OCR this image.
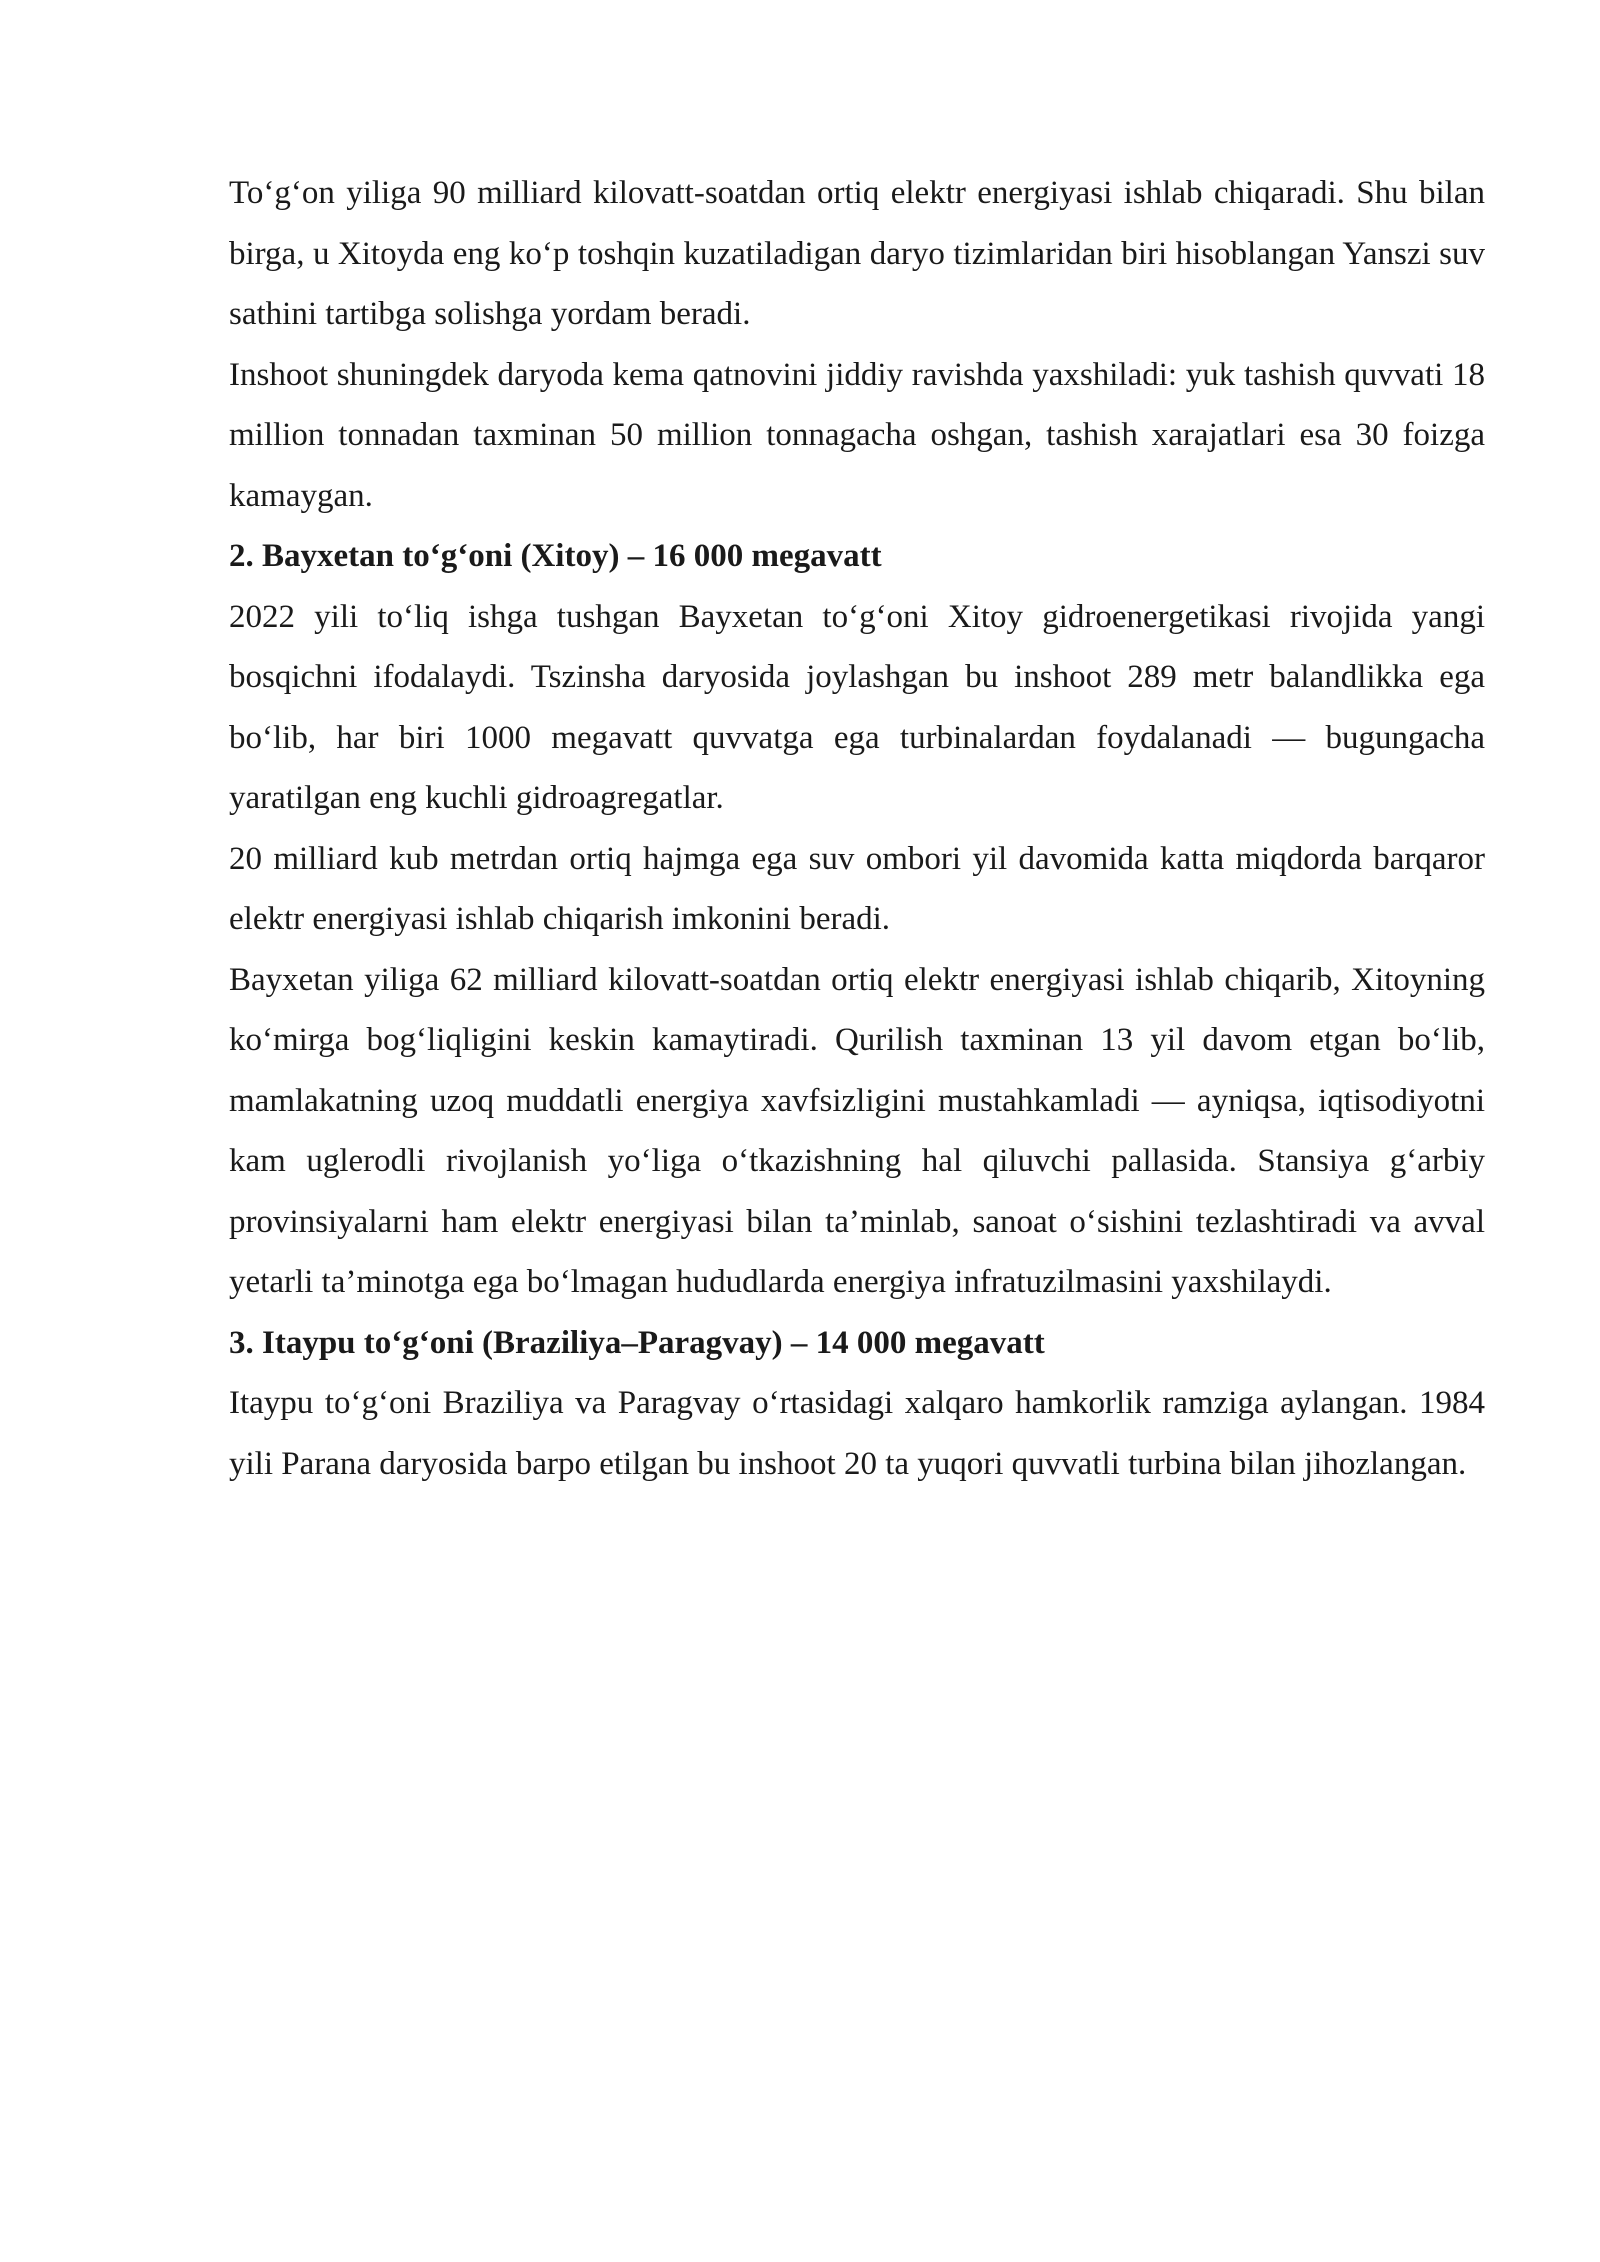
To‘g‘on yiliga 90 milliard kilovatt-soatdan ortiq elektr energiyasi ishlab chiqaradi. Shu bilan birga, u Xitoyda eng ko‘p toshqin kuzatiladigan daryo tizimlaridan biri hisoblangan Yanszi suv sathini tartibga solishga yordam beradi.

Inshoot shuningdek daryoda kema qatnovini jiddiy ravishda yaxshiladi: yuk tashish quvvati 18 million tonnadan taxminan 50 million tonnagacha oshgan, tashish xarajatlari esa 30 foizga kamaygan.

2. Bayxetan to‘g‘oni (Xitoy) – 16 000 megavatt

2022 yili to‘liq ishga tushgan Bayxetan to‘g‘oni Xitoy gidroenergetikasi rivojida yangi bosqichni ifodalaydi. Tszinsha daryosida joylashgan bu inshoot 289 metr balandlikka ega bo‘lib, har biri 1000 megavatt quvvatga ega turbinalardan foydalanadi — bugungacha yaratilgan eng kuchli gidroagregatlar.

20 milliard kub metrdan ortiq hajmga ega suv ombori yil davomida katta miqdorda barqaror elektr energiyasi ishlab chiqarish imkonini beradi.

Bayxetan yiliga 62 milliard kilovatt-soatdan ortiq elektr energiyasi ishlab chiqarib, Xitoyning ko‘mirga bog‘liqligini keskin kamaytiradi. Qurilish taxminan 13 yil davom etgan bo‘lib, mamlakatning uzoq muddatli energiya xavfsizligini mustahkamladi — ayniqsa, iqtisodiyotni kam uglerodli rivojlanish yo‘liga o‘tkazishning hal qiluvchi pallasida. Stansiya g‘arbiy provinsiyalarni ham elektr energiyasi bilan ta’minlab, sanoat o‘sishini tezlashtiradi va avval yetarli ta’minotga ega bo‘lmagan hududlarda energiya infratuzilmasini yaxshilaydi.

3. Itaypu to‘g‘oni (Braziliya–Paragvay) – 14 000 megavatt

Itaypu to‘g‘oni Braziliya va Paragvay o‘rtasidagi xalqaro hamkorlik ramziga aylangan. 1984 yili Parana daryosida barpo etilgan bu inshoot 20 ta yuqori quvvatli turbina bilan jihozlangan.
